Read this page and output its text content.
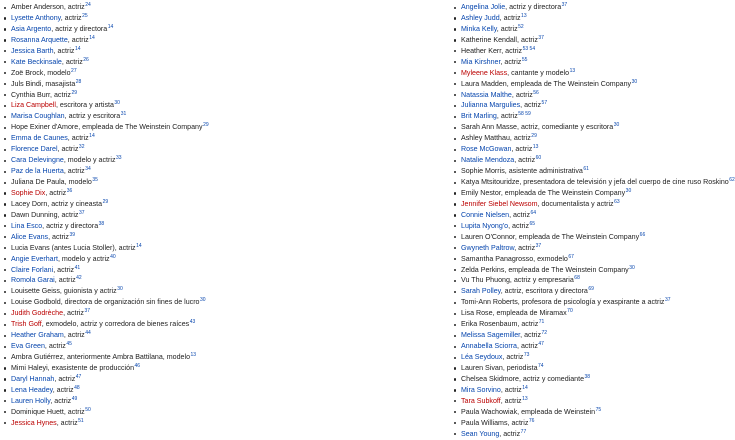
Amber Anderson, actriz$^{24}$
Lysette Anthony, actriz$^{25}$
Asia Argento, actriz y directora$^{14}$
Rosanna Arquette, actriz$^{14}$
Jessica Barth, actriz$^{14}$
Kate Beckinsale, actriz$^{26}$
Zoë Brock, modelo$^{27}$
Juls Bindi, masajista$^{28}$
Cynthia Burr, actriz$^{29}$
Liza Campbell, escritora y artista$^{30}$
Marisa Coughlan, actriz y escritora$^{31}$
Hope Exiner d'Amore, empleada de The Weinstein Company$^{29}$
Emma de Caunes, actriz$^{14}$
Florence Darel, actriz$^{32}$
Cara Delevingne, modelo y actriz$^{33}$
Paz de la Huerta, actriz$^{34}$
Juliana De Paula, modelo$^{35}$
Sophie Dix, actriz$^{36}$
Lacey Dorn, actriz y cineasta$^{29}$
Dawn Dunning, actriz$^{37}$
Lina Esco, actriz y directora$^{38}$
Alice Evans, actriz$^{39}$
Lucia Evans (antes Lucia Stoller), actriz$^{14}$
Angie Everhart, modelo y actriz$^{40}$
Claire Forlani, actriz$^{41}$
Romola Garai, actriz$^{42}$
Louisette Geiss, guionista y actriz$^{30}$
Louise Godbold, directora de organización sin fines de lucro$^{30}$
Judith Godrèche, actriz$^{37}$
Trish Goff, exmodelo, actriz y corredora de bienes raíces$^{43}$
Heather Graham, actriz$^{44}$
Eva Green, actriz$^{45}$
Ambra Gutiérrez, anteriormente Ambra Battilana, modelo$^{13}$
Mimi Haleyi, exasistente de producción$^{46}$
Daryl Hannah, actriz$^{47}$
Lena Headey, actriz$^{48}$
Lauren Holly, actriz$^{49}$
Dominique Huett, actriz$^{50}$
Jessica Hynes, actriz$^{51}$
Angelina Jolie, actriz y directora$^{37}$
Ashley Judd, actriz$^{13}$
Minka Kelly, actriz$^{52}$
Katherine Kendall, actriz$^{37}$
Heather Kerr, actriz$^{53 54}$
Mia Kirshner, actriz$^{55}$
Myleene Klass, cantante y modelo$^{13}$
Laura Madden, empleada de The Weinstein Company$^{30}$
Natassia Malthe, actriz$^{56}$
Julianna Margulies, actriz$^{57}$
Brit Marling, actriz$^{58 59}$
Sarah Ann Masse, actriz, comediante y escritora$^{30}$
Ashley Matthau, actriz$^{29}$
Rose McGowan, actriz$^{13}$
Natalie Mendoza, actriz$^{60}$
Sophie Morris, asistente administrativa$^{61}$
Katya Mtsitouridze, presentadora de televisión y jefa del cuerpo de cine ruso Roskino$^{62}$
Emily Nestor, empleada de The Weinstein Company$^{30}$
Jennifer Siebel Newsom, documentalista y actriz$^{63}$
Connie Nielsen, actriz$^{64}$
Lupita Nyong'o, actriz$^{65}$
Lauren O'Connor, empleada de The Weinstein Company$^{66}$
Gwyneth Paltrow, actriz$^{37}$
Samantha Panagrosso, exmodelo$^{67}$
Zelda Perkins, empleada de The Weinstein Company$^{30}$
Vu Thu Phuong, actriz y empresaria$^{68}$
Sarah Polley, actriz, escritora y directora$^{69}$
Tomi-Ann Roberts, profesora de psicología y exaspirante a actriz$^{37}$
Lisa Rose, empleada de Miramax$^{70}$
Erika Rosenbaum, actriz$^{71}$
Melissa Sagemiller, actriz$^{72}$
Annabella Sciorra, actriz$^{47}$
Léa Seydoux, actriz$^{73}$
Lauren Sivan, periodista$^{74}$
Chelsea Skidmore, actriz y comediante$^{38}$
Mira Sorvino, actriz$^{14}$
Tara Subkoff, actriz$^{13}$
Paula Wachowiak, empleada de Weinstein$^{75}$
Paula Williams, actriz$^{76}$
Sean Young, actriz$^{77}$
